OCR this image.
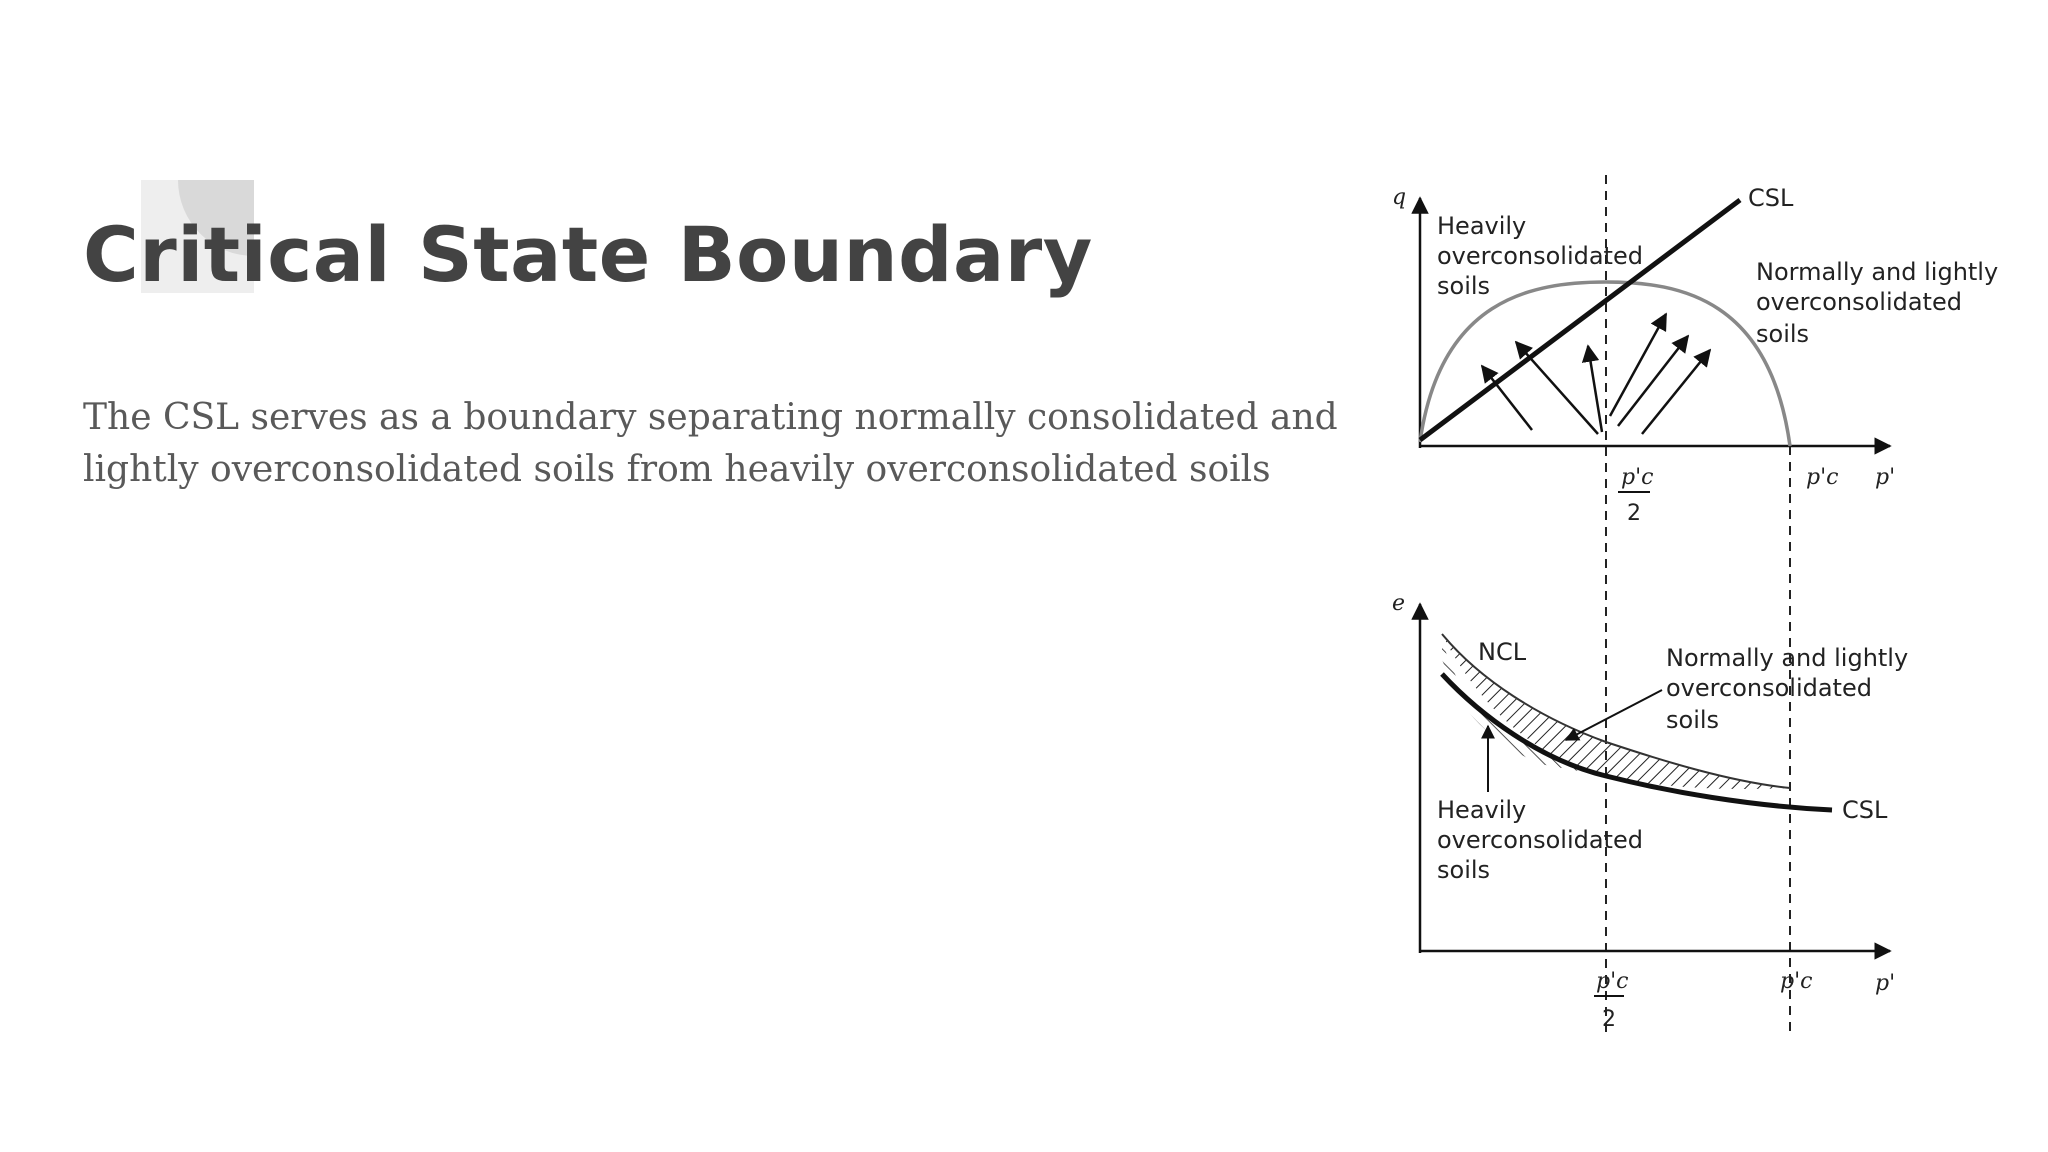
Critical State Boundary

The CSL serves as a boundary separating normally consolidated and
lightly overconsolidated soils from heavily overconsolidated soils

q
p'
CSL
Heavily overconsolidated soils	Normally and lightly overconsolidated soils
p'c
2
p'c
e
p'
NCL
CSL
Normally and lightly overconsolidated soils
Heavily overconsolidated soils
p'c
2
p'c
